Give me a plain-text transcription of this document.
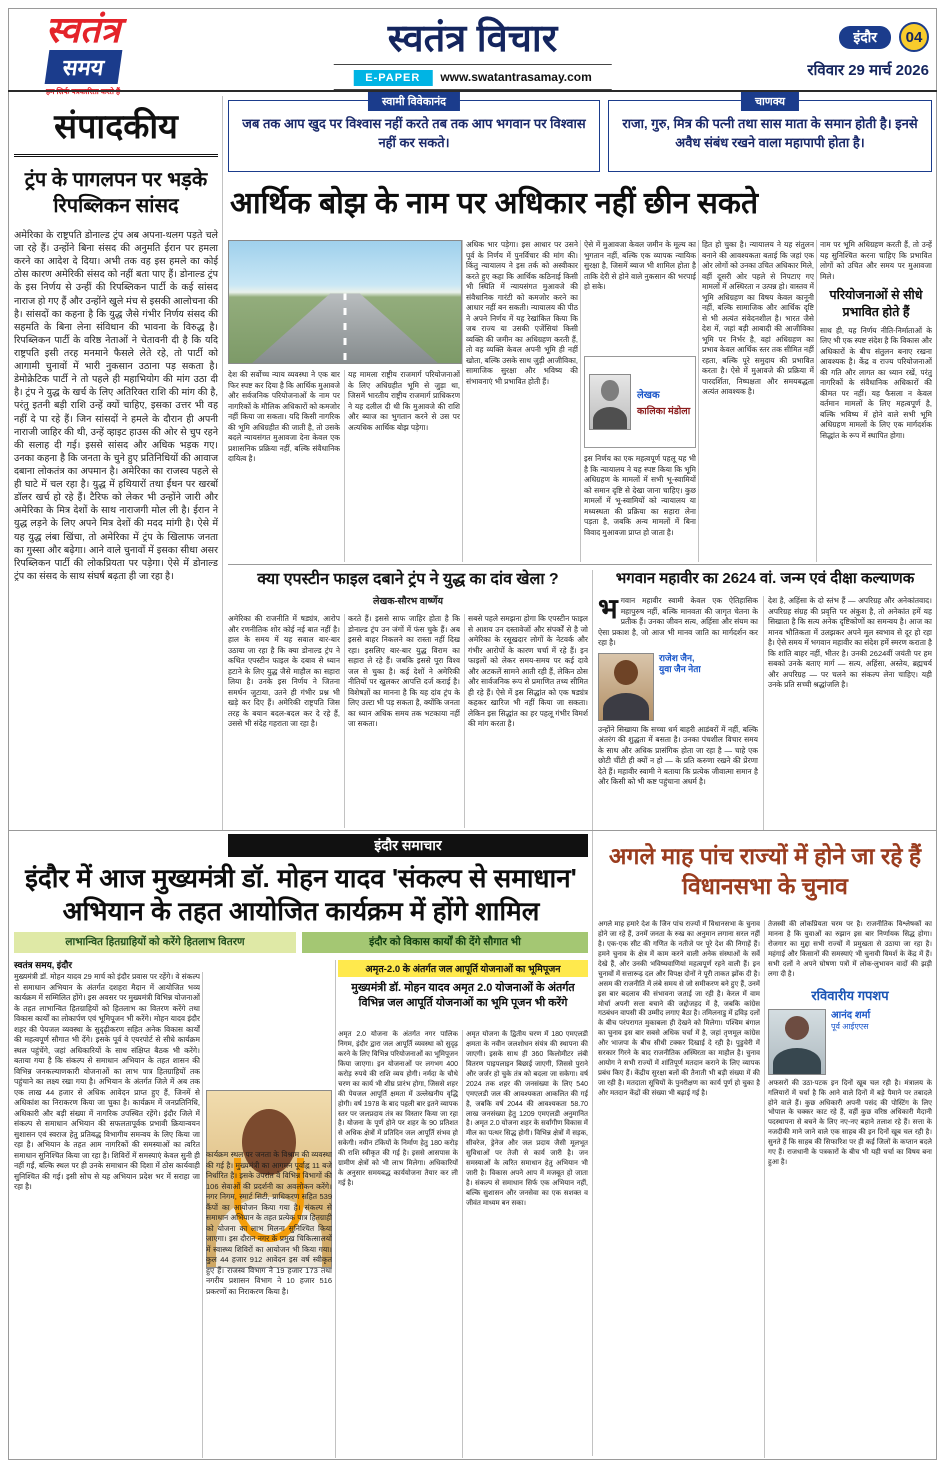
स्वतंत्र
समय
स्वतंत्र विचार
E-PAPER www.swatantrasamay.com
इंदौर 04
रविवार 29 मार्च 2026
स्वामी विवेकानंद
जब तक आप खुद पर विश्वास नहीं करते तब तक आप भगवान पर विश्वास नहीं कर सकते।
चाणक्य
राजा, गुरु, मित्र की पत्नी तथा सास माता के समान होती है। इनसे अवैध संबंध रखने वाला महापापी होता है।
संपादकीय
ट्रंप के पागलपन पर भड़के रिपब्लिकन सांसद
अमेरिका के राष्ट्रपति डोनाल्ड ट्रंप अब अपना-थलग पड़ते चले जा रहे हैं। उन्होंने बिना संसद की अनुमति ईरान पर हमला करने का आदेश दे दिया। अभी तक वह इस हमले का कोई ठोस कारण अमेरिकी संसद को नहीं बता पाए हैं। डोनाल्ड ट्रंप के इस निर्णय से उन्हीं की रिपब्लिकन पार्टी के कई सांसद नाराज हो गए हैं और उन्होंने खुले मंच से इसकी आलोचना की है। सांसदों का कहना है कि युद्ध जैसे गंभीर निर्णय संसद की सहमति के बिना लेना संविधान की भावना के विरुद्ध है। रिपब्लिकन पार्टी के वरिष्ठ नेताओं ने चेतावनी दी है कि यदि राष्ट्रपति इसी तरह मनमाने फैसले लेते रहे, तो पार्टी को आगामी चुनावों में भारी नुकसान उठाना पड़ सकता है। डेमोक्रेटिक पार्टी ने तो पहले ही महाभियोग की मांग उठा दी है। ट्रंप ने युद्ध के खर्च के लिए अतिरिक्त राशि की मांग की है, परंतु इतनी बड़ी राशि उन्हें क्यों चाहिए, इसका उत्तर भी वह नहीं दे पा रहे हैं। जिन सांसदों ने हमले के दौरान ही अपनी नाराजी जाहिर की थी, उन्हें व्हाइट हाउस की ओर से चुप रहने की सलाह दी गई। इससे सांसद और अधिक भड़क गए। उनका कहना है कि जनता के चुने हुए प्रतिनिधियों की आवाज दबाना लोकतंत्र का अपमान है। अमेरिका का राजस्व पहले से ही घाटे में चल रहा है। युद्ध में हथियारों तथा ईंधन पर खरबों डॉलर खर्च हो रहे हैं। टैरिफ को लेकर भी उन्होंने जारी और अमेरिका के मित्र देशों के साथ नाराजगी मोल ली है। ईरान ने युद्ध लड़ने के लिए अपने मित्र देशों की मदद मांगी है। ऐसे में यह युद्ध लंबा खिंचा, तो अमेरिका में ट्रंप के खिलाफ जनता का गुस्सा और बढ़ेगा। आने वाले चुनावों में इसका सीधा असर रिपब्लिकन पार्टी की लोकप्रियता पर पड़ेगा। ऐसे में डोनाल्ड ट्रंप का संसद के साथ संघर्ष बढ़ता ही जा रहा है।
आर्थिक बोझ के नाम पर अधिकार नहीं छीन सकते
देश की सर्वोच्च न्याय व्यवस्था ने एक बार फिर स्पष्ट कर दिया है कि आर्थिक मुआवजे और सर्वजनिक परियोजनाओं के नाम पर नागरिकों के मौलिक अधिकारों को कमजोर नहीं किया जा सकता। यदि किसी नागरिक की भूमि अधिग्रहीत की जाती है, तो उसके बदले न्यायसंगत मुआवजा देना केवल एक प्रशासनिक प्रक्रिया नहीं, बल्कि संवैधानिक दायित्व है।
यह मामला राष्ट्रीय राजमार्ग परियोजनाओं के लिए अधिग्रहीत भूमि से जुड़ा था, जिसमें भारतीय राष्ट्रीय राजमार्ग प्राधिकरण ने यह दलील दी थी कि मुआवजे की राशि और ब्याज का भुगतान करने से उस पर अत्यधिक आर्थिक बोझ पड़ेगा।
अधिक भार पड़ेगा। इस आधार पर उसने पूर्व के निर्णय में पुनर्विचार की मांग की। किंतु न्यायालय ने इस तर्क को अस्वीकार करते हुए कहा कि आर्थिक कठिनाई किसी भी स्थिति में न्यायसंगत मुआवजे की संवैधानिक गारंटी को कमजोर करने का आधार नहीं बन सकती। न्यायालय की पीठ ने अपने निर्णय में यह रेखांकित किया कि जब राज्य या उसकी एजेंसियां किसी व्यक्ति की जमीन का अधिग्रहण करती हैं, तो वह व्यक्ति केवल अपनी भूमि ही नहीं खोता, बल्कि उसके साथ जुड़ी आजीविका, सामाजिक सुरक्षा और भविष्य की संभावनाएं भी प्रभावित होती हैं।
ऐसे में मुआवजा केवल जमीन के मूल्य का भुगतान नहीं, बल्कि एक व्यापक न्यायिक सुरक्षा है, जिसमें ब्याज भी शामिल होता है ताकि देरी से होने वाले नुकसान की भरपाई हो सके।
लेखक
कालिका मंडोला
इस निर्णय का एक महत्वपूर्ण पहलू यह भी है कि न्यायालय ने यह स्पष्ट किया कि भूमि अधिग्रहण के मामलों में सभी भू-स्वामियों को समान दृष्टि से देखा जाना चाहिए। कुछ मामलों में भू-स्वामियों को न्यायालय या मध्यस्थता की प्रक्रिया का सहारा लेना पड़ता है, जबकि अन्य मामलों में बिना विवाद मुआवजा प्राप्त हो जाता है।
हित हो चुका है। न्यायालय ने यह संतुलन बनाने की आवश्यकता बताई कि जहां एक ओर लोगों को उनका उचित अधिकार मिले, वहीं दूसरी ओर पहले से निपटाए गए मामलों में अस्थिरता न उत्पन्न हो। वास्तव में भूमि अधिग्रहण का विषय केवल कानूनी नहीं, बल्कि सामाजिक और आर्थिक दृष्टि से भी अत्यंत संवेदनशील है। भारत जैसे देश में, जहां बड़ी आबादी की आजीविका भूमि पर निर्भर है, वहां अधिग्रहण का प्रभाव केवल आर्थिक स्तर तक सीमित नहीं रहता, बल्कि पूरे समुदाय की प्रभावित करता है। ऐसे में मुआवजे की प्रक्रिया में पारदर्शिता, निष्पक्षता और समयबद्धता अत्यंत आवश्यक है।
नाम पर भूमि अधिग्रहण करती हैं, तो उन्हें यह सुनिश्चित करना चाहिए कि प्रभावित लोगों को उचित और समय पर मुआवजा मिले।
परियोजनाओं से सीधे प्रभावित होते हैं
साथ ही, यह निर्णय नीति-निर्माताओं के लिए भी एक स्पष्ट संदेश है कि विकास और अधिकारों के बीच संतुलन बनाए रखना आवश्यक है। केंद्र व राज्य परियोजनाओं की गति और लागत का ध्यान रखें, परंतु नागरिकों के संवैधानिक अधिकारों की कीमत पर नहीं। यह फैसला न केवल वर्तमान मामलों के लिए महत्वपूर्ण है, बल्कि भविष्य में होने वाले सभी भूमि अधिग्रहण मामलों के लिए एक मार्गदर्शक सिद्धांत के रूप में स्थापित होगा।
क्या एपस्टीन फाइल दबाने ट्रंप ने युद्ध का दांव खेला ?
लेखक-सौरभ वार्ष्णेय
अमेरिका की राजनीति में षड्यंत्र, आरोप और रणनीतिक शोर कोई नई बात नहीं है। हाल के समय में यह सवाल बार-बार उठाया जा रहा है कि क्या डोनाल्ड ट्रंप ने कथित एपस्टीन फाइल के दबाव से ध्यान हटाने के लिए युद्ध जैसे माहौल का सहारा लिया है। उनके इस निर्णय ने जितना समर्थन जुटाया, उतने ही गंभीर प्रश्न भी खड़े कर दिए हैं। अमेरिकी राष्ट्रपति जिस तरह के बयान बदल-बदल कर दे रहे हैं, उससे भी संदेह गहराता जा रहा है।
करते हैं। इससे साफ जाहिर होता है कि डोनाल्ड ट्रंप उन जंगों में फंस चुके हैं। अब इससे बाहर निकलने का रास्ता नहीं दिख रहा। इसलिए बार-बार युद्ध विराम का सहारा ले रहे हैं। जबकि इससे पूरा विश्व जल से चुका है। कई देशों ने अमेरिकी नीतियों पर खुलकर आपत्ति दर्ज कराई है। विशेषज्ञों का मानना है कि यह दांव ट्रंप के लिए उल्टा भी पड़ सकता है, क्योंकि जनता का ध्यान अधिक समय तक भटकाया नहीं जा सकता।
सबसे पहले समझना होगा कि एपस्टीन फाइल से आशय उन दस्तावेजों और संपर्कों से है जो अमेरिका के रसूखदार लोगों के नेटवर्क और गंभीर आरोपों के कारण चर्चा में रहे हैं। इन फाइलों को लेकर समय-समय पर कई दावे और अटकलें सामने आती रही हैं, लेकिन ठोस और सार्वजनिक रूप से प्रमाणित तथ्य सीमित ही रहे हैं। ऐसे में इस सिद्धांत को एक षड्यंत्र कहकर खारिज भी नहीं किया जा सकता। लेकिन इस सिद्धांत का हर पहलू गंभीर विमर्श की मांग करता है।
भगवान महावीर का 2624 वां. जन्म एवं दीक्षा कल्याणक

भगवान महावीर स्वामी केवल एक ऐतिहासिक महापुरुष नहीं, बल्कि मानवता की जागृत चेतना के प्रतीक हैं। उनका जीवन सत्य, अहिंसा और संयम का ऐसा प्रकाश है, जो आज भी मानव जाति का मार्गदर्शन कर रहा है।

राजेश जैन,
युवा जैन नेता
उन्होंने सिखाया कि सच्चा धर्म बाहरी आडंबरों में नहीं, बल्कि अंतरंग की शुद्धता में बसता है। उनका पंचशील विचार समय के साथ और अधिक प्रासंगिक होता जा रहा है — चाहे एक छोटी चींटी ही क्यों न हो — के प्रति करुणा रखने की प्रेरणा देते हैं। महावीर स्वामी ने बताया कि प्रत्येक जीवात्मा समान है और किसी को भी कष्ट पहुंचाना अधर्म है।
देश है, अहिंसा के दो स्तंभ हैं — अपरिग्रह और अनेकांतवाद। अपरिग्रह संग्रह की प्रवृत्ति पर अंकुश है, तो अनेकांत हमें यह सिखाता है कि सत्य अनेक दृष्टिकोणों का समन्वय है। आज का मानव भौतिकता में उलझकर अपने मूल स्वभाव से दूर हो रहा है। ऐसे समय में भगवान महावीर का संदेश हमें स्मरण कराता है कि शांति बाहर नहीं, भीतर है। उनकी 2624वीं जयंती पर हम सबको उनके बताए मार्ग — सत्य, अहिंसा, अस्तेय, ब्रह्मचर्य और अपरिग्रह — पर चलने का संकल्प लेना चाहिए। यही उनके प्रति सच्ची श्रद्धांजलि है।
इंदौर समाचार
इंदौर में आज मुख्यमंत्री डॉ. मोहन यादव 'संकल्प से समाधान' अभियान के तहत आयोजित कार्यक्रम में होंगे शामिल
लाभान्वित हितग्राहियों को करेंगे हितलाभ वितरण	इंदौर को विकास कार्यों की देंगे सौगात भी
स्वतंत्र समय, इंदौर
मुख्यमंत्री डॉ. मोहन यादव 29 मार्च को इंदौर प्रवास पर रहेंगे। वे संकल्प से समाधान अभियान के अंतर्गत दशहरा मैदान में आयोजित भव्य कार्यक्रम में सम्मिलित होंगे। इस अवसर पर मुख्यमंत्री विभिन्न योजनाओं के तहत लाभान्वित हितग्राहियों को हितलाभ का वितरण करेंगे तथा विकास कार्यों का लोकार्पण एवं भूमिपूजन भी करेंगे। मोहन यादव इंदौर शहर की पेयजल व्यवस्था के सुदृढ़ीकरण सहित अनेक विकास कार्यों की महत्वपूर्ण सौगात भी देंगे। इसके पूर्व वे एयरपोर्ट से सीधे कार्यक्रम स्थल पहुंचेंगे, जहां अधिकारियों के साथ संक्षिप्त बैठक भी करेंगे। बताया गया है कि संकल्प से समाधान अभियान के तहत शासन की विभिन्न जनकल्याणकारी योजनाओं का लाभ पात्र हितग्राहियों तक पहुंचाने का लक्ष्य रखा गया है। अभियान के अंतर्गत जिले में अब तक एक लाख 44 हजार से अधिक आवेदन प्राप्त हुए हैं, जिनमें से अधिकांश का निराकरण किया जा चुका है। कार्यक्रम में जनप्रतिनिधि, अधिकारी और बड़ी संख्या में नागरिक उपस्थित रहेंगे। इंदौर जिले में संकल्प से समाधान अभियान की सफलतापूर्वक प्रभावी क्रियान्वयन सुशासन एवं स्वराज हेतु प्रतिबद्ध विभागीय समन्वय के लिए किया जा रहा है। अभियान के तहत आम नागरिकों की समस्याओं का त्वरित समाधान सुनिश्चित किया जा रहा है। शिविरों में समस्याएं केवल सुनी ही नहीं गईं, बल्कि स्थल पर ही उनके समाधान की दिशा में ठोस कार्यवाही सुनिश्चित की गई। इसी सोच से यह अभियान प्रदेश भर में सराहा जा रहा है।
कार्यक्रम स्थल पर जनता के विश्राम की व्यवस्था की गई है। मुख्यमंत्री का आगमन पूर्वाह्न 11 बजे निर्धारित है। इसके उपरांत वे विभिन्न विभागों की 106 सेवाओं की प्रदर्शनी का अवलोकन करेंगे। नगर निगम, स्मार्ट सिटी, प्राधिकरण सहित 539 कैंपों का आयोजन किया गया है। संकल्प से समाधान अभियान के तहत प्रत्येक पात्र हितग्राही को योजना का लाभ मिलना सुनिश्चित किया जाएगा। इस दौरान नगर के प्रमुख चिकित्सालयों में स्वास्थ्य शिविरों का आयोजन भी किया गया। कुल 44 हजार 912 आवेदन इस वर्ष स्वीकृत हुए हैं। राजस्व विभाग ने 19 हजार 173 तथा नगरीय प्रशासन विभाग ने 10 हजार 516 प्रकरणों का निराकरण किया है।
अमृत-2.0 के अंतर्गत जल आपूर्ति योजनाओं का भूमिपूजन
मुख्यमंत्री डॉ. मोहन यादव अमृत 2.0 योजनाओं के अंतर्गत विभिन्न जल आपूर्ति योजनाओं का भूमि पूजन भी करेंगे
अमृत 2.0 योजना के अंतर्गत नगर पालिक निगम, इंदौर द्वारा जल आपूर्ति व्यवस्था को सुदृढ़ करने के लिए विभिन्न परियोजनाओं का भूमिपूजन किया जाएगा। इन योजनाओं पर लगभग 400 करोड़ रुपये की राशि व्यय होगी। नर्मदा के चौथे चरण का कार्य भी शीघ्र प्रारंभ होगा, जिससे शहर की पेयजल आपूर्ति क्षमता में उल्लेखनीय वृद्धि होगी। वर्ष 1978 के बाद पहली बार इतने व्यापक स्तर पर जलप्रदाय तंत्र का विस्तार किया जा रहा है। योजना के पूर्ण होने पर शहर के 90 प्रतिशत से अधिक क्षेत्रों में प्रतिदिन जल आपूर्ति संभव हो सकेगी। नवीन टंकियों के निर्माण हेतु 180 करोड़ की राशि स्वीकृत की गई है। इससे आसपास के ग्रामीण क्षेत्रों को भी लाभ मिलेगा। अधिकारियों के अनुसार समयबद्ध कार्ययोजना तैयार कर ली गई है।
अमृत योजना के द्वितीय चरण में 180 एमएलडी क्षमता के नवीन जलशोधन संयंत्र की स्थापना की जाएगी। इसके साथ ही 360 किलोमीटर लंबी वितरण पाइपलाइन बिछाई जाएगी, जिससे पुराने और जर्जर हो चुके तंत्र को बदला जा सकेगा। वर्ष 2024 तक शहर की जनसंख्या के लिए 540 एमएलडी जल की आवश्यकता आकलित की गई है, जबकि वर्ष 2044 की आवश्यकता 58.70 लाख जनसंख्या हेतु 1209 एमएलडी अनुमानित है। अमृत 2.0 योजना शहर के सर्वांगीण विकास में मील का पत्थर सिद्ध होगी। विभिन्न क्षेत्रों में सड़क, सीवरेज, ड्रेनेज और जल प्रदाय जैसी मूलभूत सुविधाओं पर तेजी से कार्य जारी है। जन समस्याओं के त्वरित समाधान हेतु अभियान भी जारी है। विकास अपने आप में मजबूत हो जाता है। संकल्प से समाधान सिर्फ एक अभियान नहीं, बल्कि सुशासन और जनसेवा का एक सशक्त व जीवंत माध्यम बन सका।
अगले माह पांच राज्यों में होने जा रहे हैं विधानसभा के चुनाव
अगले माह हमारे देश के जिन पांच राज्यों में विधानसभा के चुनाव होने जा रहे हैं, उनमें जनता के रुख का अनुमान लगाना सरल नहीं है। एक-एक सीट की गणित के नतीजे पर पूरे देश की निगाहें हैं। हमने चुनाव के क्षेत्र में काम करने वाली अनेक संस्थाओं के सर्वे देखे हैं, और उनकी भविष्यवाणियां महत्वपूर्ण रहने वाली हैं। इन चुनावों में सत्तारूढ़ दल और विपक्ष दोनों ने पूरी ताकत झोंक दी है। असम की राजनीति में लंबे समय से जो समीकरण बने हुए हैं, उनमें इस बार बदलाव की संभावना जताई जा रही है। केरल में वाम मोर्चा अपनी सत्ता बचाने की जद्दोजहद में है, जबकि कांग्रेस गठबंधन वापसी की उम्मीद लगाए बैठा है। तमिलनाडु में द्रविड़ दलों के बीच परंपरागत मुकाबला ही देखने को मिलेगा। पश्चिम बंगाल का चुनाव इस बार सबसे अधिक चर्चा में है, जहां तृणमूल कांग्रेस और भाजपा के बीच सीधी टक्कर दिखाई दे रही है। पुडुचेरी में सरकार गिरने के बाद राजनीतिक अस्थिरता का माहौल है। चुनाव आयोग ने सभी राज्यों में शांतिपूर्ण मतदान कराने के लिए व्यापक प्रबंध किए हैं। केंद्रीय सुरक्षा बलों की तैनाती भी बड़ी संख्या में की जा रही है। मतदाता सूचियों के पुनरीक्षण का कार्य पूर्ण हो चुका है और मतदान केंद्रों की संख्या भी बढ़ाई गई है।
तेजस्वी की लोकप्रियता चरम पर है। राजनीतिक विश्लेषकों का मानना है कि युवाओं का रुझान इस बार निर्णायक सिद्ध होगा। रोजगार का मुद्दा सभी राज्यों में प्रमुखता से उठाया जा रहा है। महंगाई और किसानों की समस्याएं भी चुनावी विमर्श के केंद्र में हैं। सभी दलों ने अपने घोषणा पत्रों में लोक-लुभावन वादों की झड़ी लगा दी है।
रविवारीय गपशप
आनंद शर्मा
पूर्व आईएएस
अफसरों की उठा-पटक इन दिनों खूब चल रही है। मंत्रालय के गलियारों में चर्चा है कि आने वाले दिनों में बड़े पैमाने पर तबादले होने वाले हैं। कुछ अधिकारी अपनी पसंद की पोस्टिंग के लिए भोपाल के चक्कर काट रहे हैं, वहीं कुछ वरिष्ठ अधिकारी मैदानी पदस्थापना से बचने के लिए नए-नए बहाने तलाश रहे हैं। सत्ता के नजदीकी माने जाने वाले एक साहब की इन दिनों खूब चल रही है। सुनते हैं कि साहब की सिफारिश पर ही कई जिलों के कप्तान बदले गए हैं। राजधानी के पत्रकारों के बीच भी यही चर्चा का विषय बना हुआ है।
